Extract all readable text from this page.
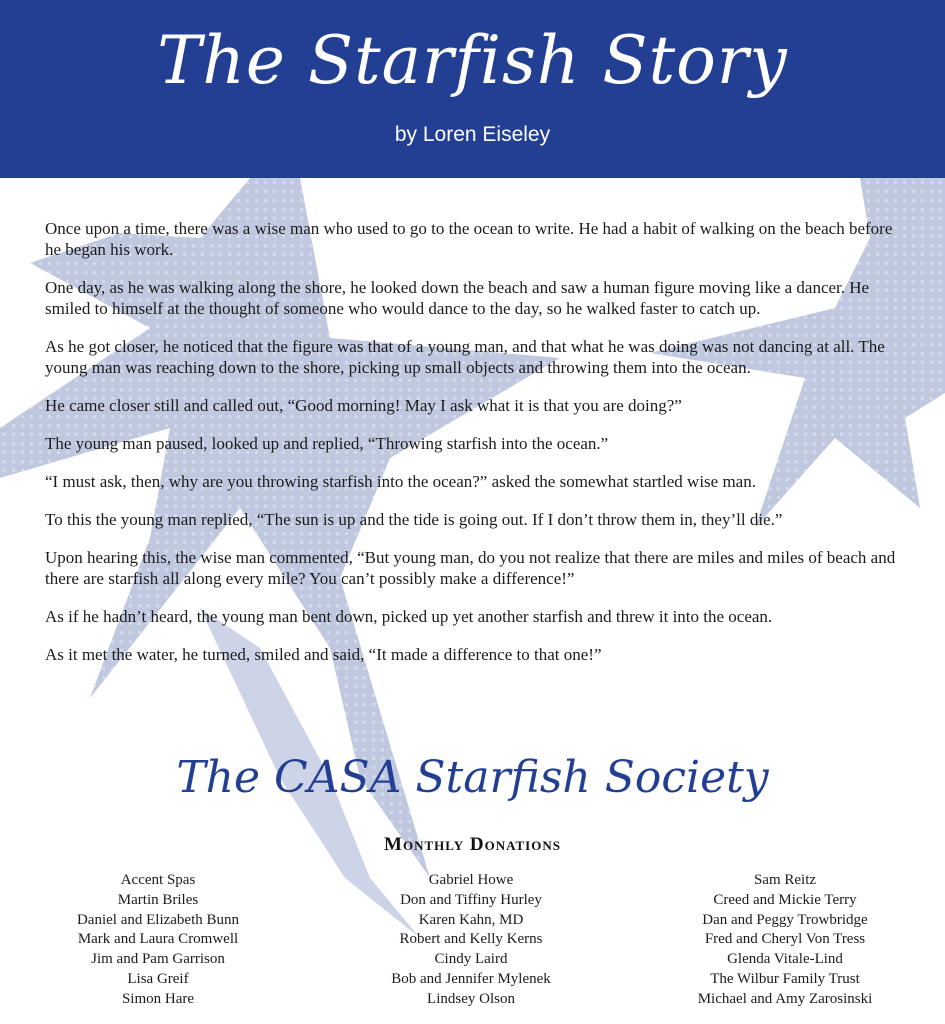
The Starfish Story
by Loren Eiseley

Once upon a time, there was a wise man who used to go to the ocean to write. He had a habit of walking on the beach before he began his work.

One day, as he was walking along the shore, he looked down the beach and saw a human figure moving like a dancer. He smiled to himself at the thought of someone who would dance to the day, so he walked faster to catch up.

As he got closer, he noticed that the figure was that of a young man, and that what he was doing was not dancing at all. The young man was reaching down to the shore, picking up small objects and throwing them into the ocean.

He came closer still and called out, “Good morning! May I ask what it is that you are doing?”

The young man paused, looked up and replied, “Throwing starfish into the ocean.”

“I must ask, then, why are you throwing starfish into the ocean?” asked the somewhat startled wise man.

To this the young man replied, “The sun is up and the tide is going out. If I don’t throw them in, they’ll die.”

Upon hearing this, the wise man commented, “But young man, do you not realize that there are miles and miles of beach and there are starfish all along every mile? You can’t possibly make a difference!”

As if he hadn’t heard, the young man bent down, picked up yet another starfish and threw it into the ocean.

As it met the water, he turned, smiled and said, “It made a difference to that one!”

The CASA Starfish Society
Monthly Donations
Accent Spas
Martin Briles
Daniel and Elizabeth Bunn
Mark and Laura Cromwell
Jim and Pam Garrison
Lisa Greif
Simon Hare
Gabriel Howe
Don and Tiffiny Hurley
Karen Kahn, MD
Robert and Kelly Kerns
Cindy Laird
Bob and Jennifer Mylenek
Lindsey Olson
Sam Reitz
Creed and Mickie Terry
Dan and Peggy Trowbridge
Fred and Cheryl Von Tress
Glenda Vitale-Lind
The Wilbur Family Trust
Michael and Amy Zarosinski
